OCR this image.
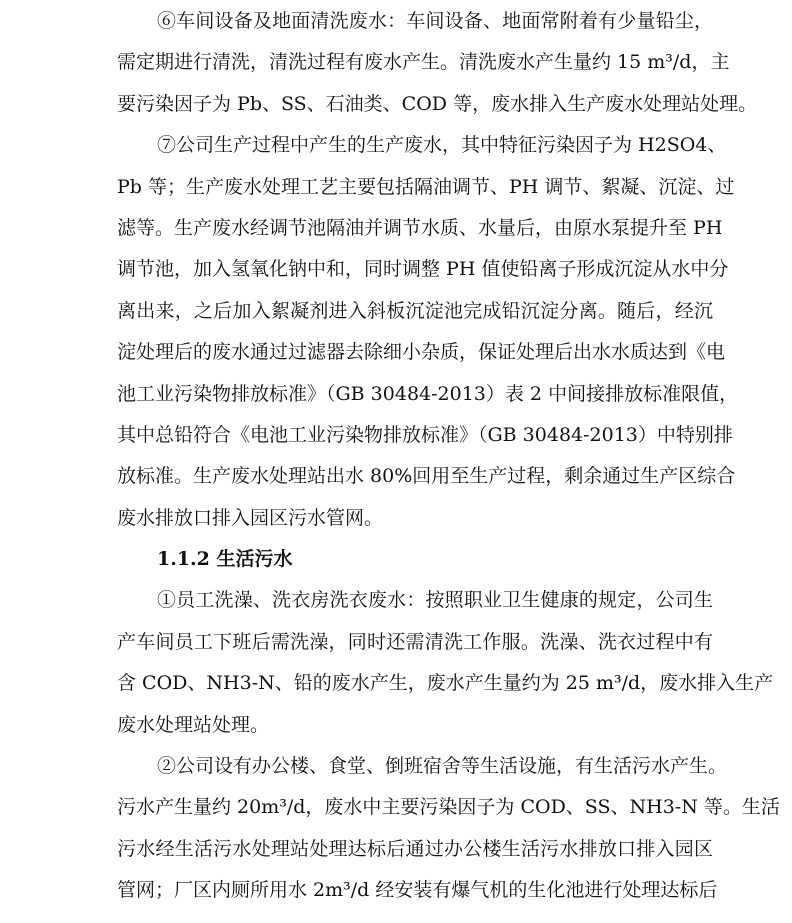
⑥车间设备及地面清洗废水：车间设备、地面常附着有少量铅尘，
需定期进行清洗，清洗过程有废水产生。清洗废水产生量约 15 m³/d，主
要污染因子为 Pb、SS、石油类、COD 等，废水排入生产废水处理站处理。
⑦公司生产过程中产生的生产废水，其中特征污染因子为 H2SO4、
Pb 等；生产废水处理工艺主要包括隔油调节、PH 调节、絮凝、沉淀、过
滤等。生产废水经调节池隔油并调节水质、水量后，由原水泵提升至 PH
调节池，加入氢氧化钠中和，同时调整 PH 值使铅离子形成沉淀从水中分
离出来，之后加入絮凝剂进入斜板沉淀池完成铅沉淀分离。随后，经沉
淀处理后的废水通过过滤器去除细小杂质，保证处理后出水水质达到《电
池工业污染物排放标准》（GB 30484-2013）表 2 中间接排放标准限值，
其中总铅符合《电池工业污染物排放标准》（GB 30484-2013）中特别排
放标准。生产废水处理站出水 80%回用至生产过程，剩余通过生产区综合
废水排放口排入园区污水管网。
1.1.2 生活污水
①员工洗澡、洗衣房洗衣废水：按照职业卫生健康的规定，公司生
产车间员工下班后需洗澡，同时还需清洗工作服。洗澡、洗衣过程中有
含 COD、NH3-N、铅的废水产生，废水产生量约为 25 m³/d，废水排入生产
废水处理站处理。
②公司设有办公楼、食堂、倒班宿舍等生活设施，有生活污水产生。
污水产生量约 20m³/d，废水中主要污染因子为 COD、SS、NH3-N 等。生活
污水经生活污水处理站处理达标后通过办公楼生活污水排放口排入园区
管网；厂区内厕所用水 2m³/d 经安装有爆气机的生化池进行处理达标后
